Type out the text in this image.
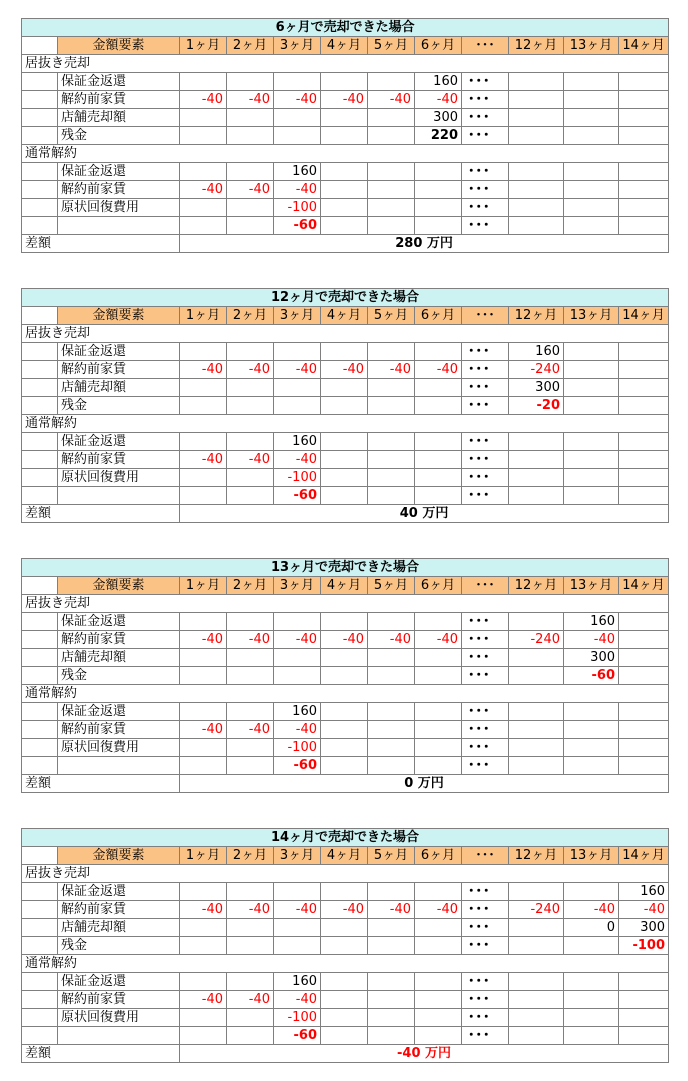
6ヶ月で売却できた場合											
	金額要素	1ヶ月	2ヶ月	3ヶ月	4ヶ月	5ヶ月	6ヶ月	･･･	12ヶ月	13ヶ月	14ヶ月
居抜き売却											
	保証金返還						160	･･･			
	解約前家賃	-40	-40	-40	-40	-40	-40	･･･			
	店舗売却額						300	･･･			
	残金						220	･･･			
通常解約											
	保証金返還			160				･･･			
	解約前家賃	-40	-40	-40				･･･			
	原状回復費用			-100				･･･			
				-60				･･･			
差額		280 万円									
12ヶ月で売却できた場合											
	金額要素	1ヶ月	2ヶ月	3ヶ月	4ヶ月	5ヶ月	6ヶ月	･･･	12ヶ月	13ヶ月	14ヶ月
居抜き売却											
	保証金返還							･･･	160		
	解約前家賃	-40	-40	-40	-40	-40	-40	･･･	-240		
	店舗売却額							･･･	300		
	残金							･･･	-20		
通常解約											
	保証金返還			160				･･･			
	解約前家賃	-40	-40	-40				･･･			
	原状回復費用			-100				･･･			
				-60				･･･			
差額		40 万円									
13ヶ月で売却できた場合											
	金額要素	1ヶ月	2ヶ月	3ヶ月	4ヶ月	5ヶ月	6ヶ月	･･･	12ヶ月	13ヶ月	14ヶ月
居抜き売却											
	保証金返還							･･･		160	
	解約前家賃	-40	-40	-40	-40	-40	-40	･･･	-240	-40	
	店舗売却額							･･･		300	
	残金							･･･		-60	
通常解約											
	保証金返還			160				･･･			
	解約前家賃	-40	-40	-40				･･･			
	原状回復費用			-100				･･･			
				-60				･･･			
差額		0 万円									
14ヶ月で売却できた場合											
	金額要素	1ヶ月	2ヶ月	3ヶ月	4ヶ月	5ヶ月	6ヶ月	･･･	12ヶ月	13ヶ月	14ヶ月
居抜き売却											
	保証金返還							･･･			160
	解約前家賃	-40	-40	-40	-40	-40	-40	･･･	-240	-40	-40
	店舗売却額							･･･		0	300
	残金							･･･			-100
通常解約											
	保証金返還			160				･･･			
	解約前家賃	-40	-40	-40				･･･			
	原状回復費用			-100				･･･			
				-60				･･･			
差額		-40 万円									
